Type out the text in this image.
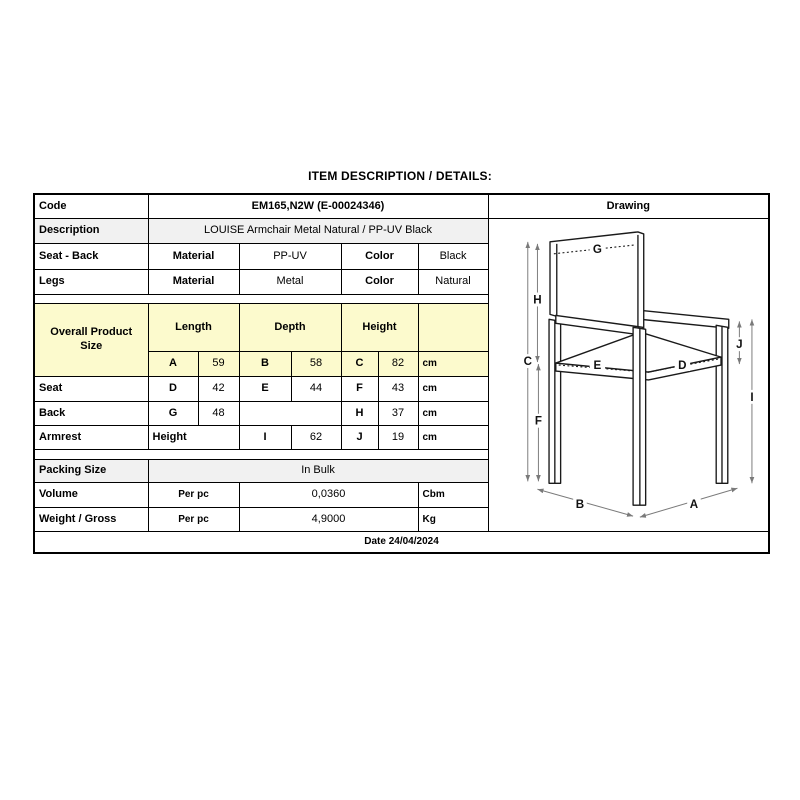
ITEM DESCRIPTION / DETAILS:
Code	EM165,N2W (E-00024346)							Drawing
Description	LOUISE Armchair Metal Natural / PP-UV Black	
G
H
C
F
E	D
J
I
B	A

Seat - Back	Material		PP-UV		Color		Black	
Legs	Material		Metal		Color		Natural	

Overall Product Size	Length		Depth		Height			
	A	59	B	58	C	82	cm	
Seat	D	42	E	44	F	43	cm	
Back	G	48			H	37	cm	
Armrest	Height		I	62	J	19	cm	

Packing Size	In Bulk							
Volume	Per pc		0,0360				Cbm	
Weight / Gross	Per pc		4,9000				Kg	
Date 24/04/2024								
